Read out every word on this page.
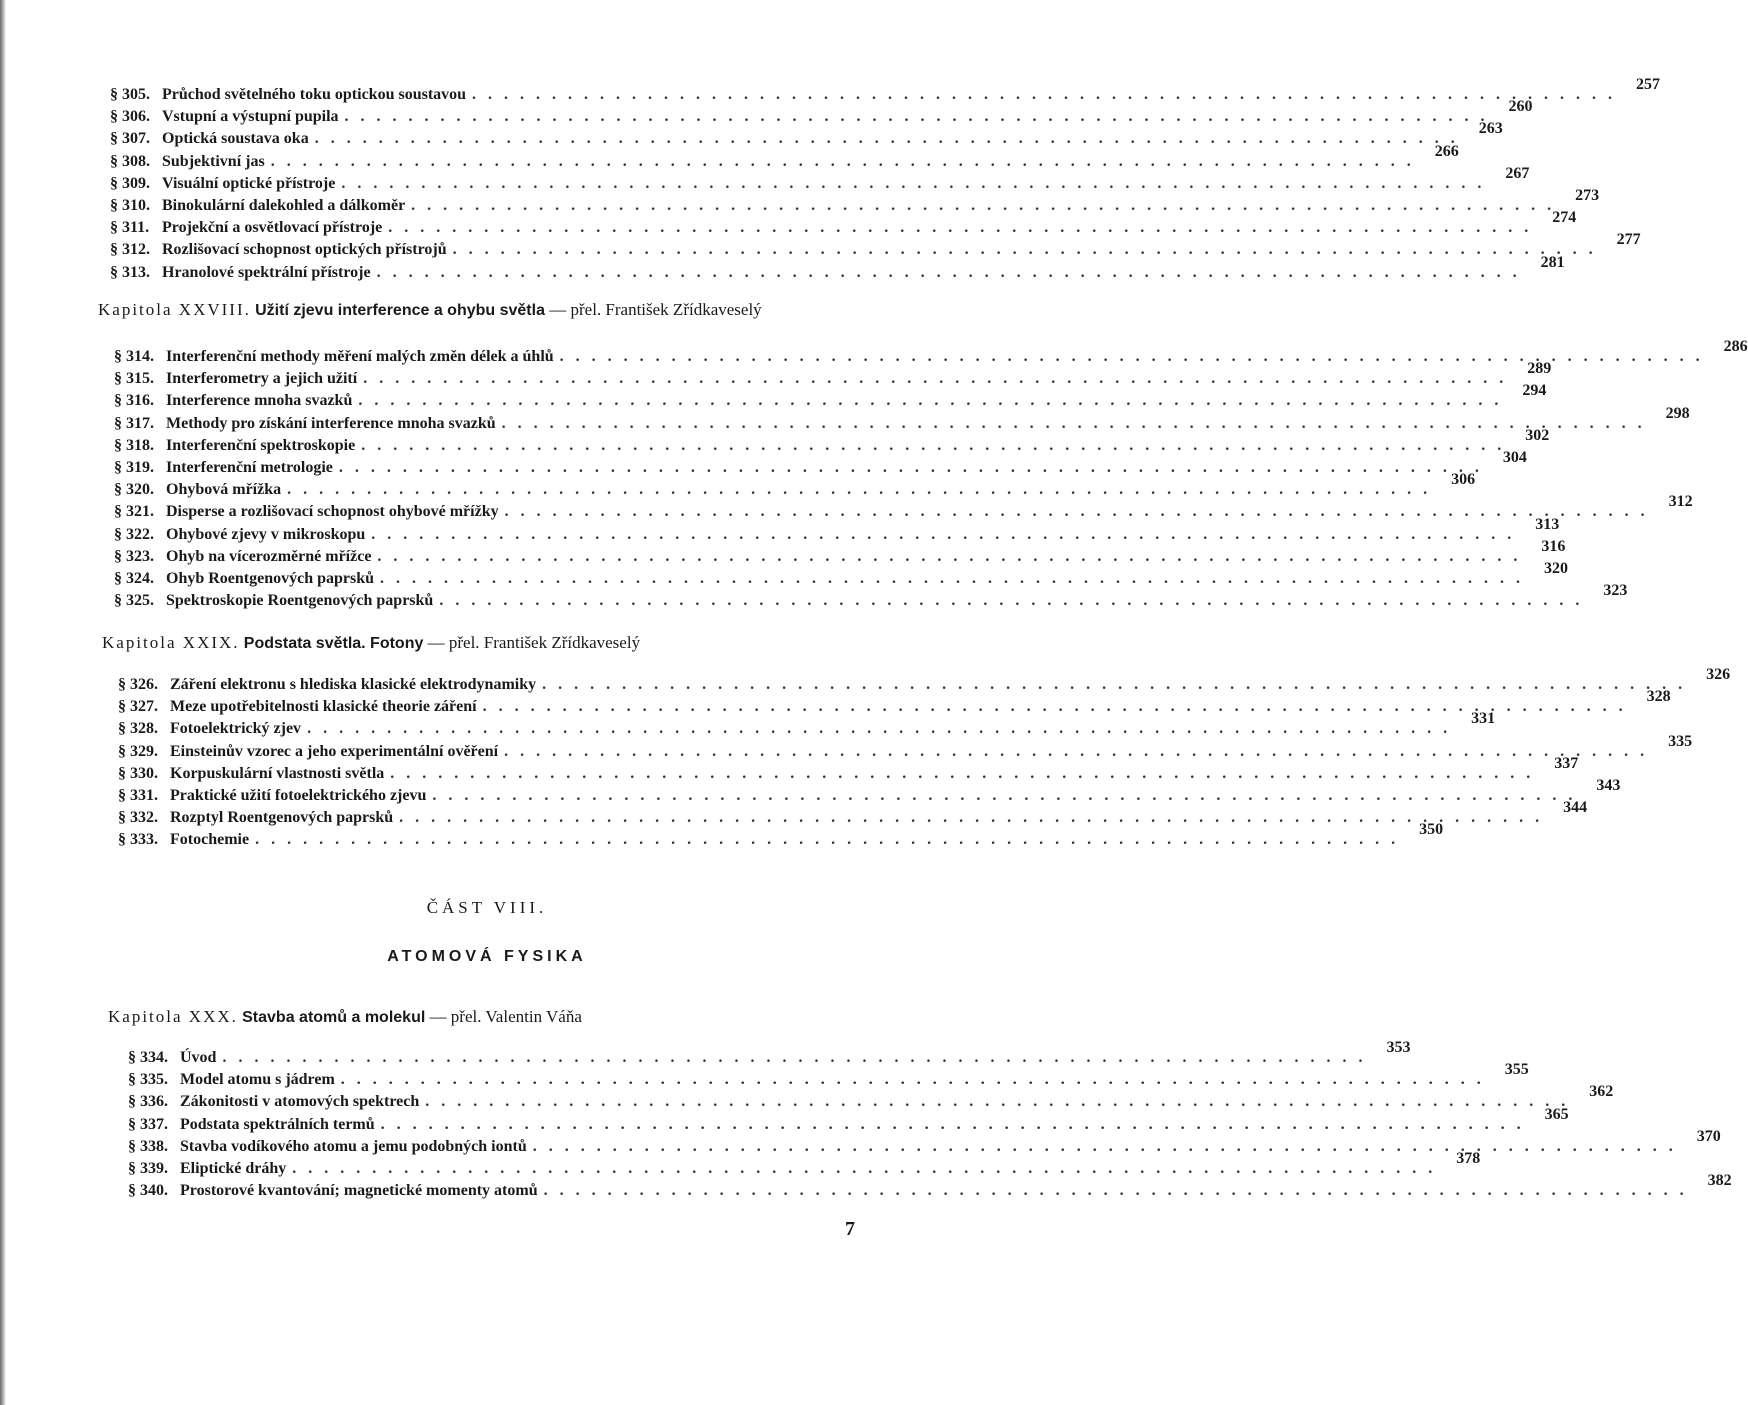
§ 305. Průchod světelného toku optickou soustavou
. . .
257
§ 306. Vstupní a výstupní pupila
. . .
260
§ 307. Optická soustava oka
. . .
263
§ 308. Subjektivní jas
. . .
266
§ 309. Visuální optické přístroje
. . .
267
§ 310. Binokulární dalekohled a dálkoměr
. . .
273
§ 311. Projekční a osvětlovací přístroje
. . .
274
§ 312. Rozlišovací schopnost optických přístrojů
. . .
277
§ 313. Hranolové spektrální přístroje
. . .
281
Kapitola XXVIII. Užití zjevu interference a ohybu světla — přel. František Zřídkaveselý
§ 314. Interferenční methody měření malých změn délek a úhlů
. . .
286
§ 315. Interferometry a jejich užití
. . .
289
§ 316. Interference mnoha svazků
. . .
294
§ 317. Methody pro získání interference mnoha svazků
. . .
298
§ 318. Interferenční spektroskopie
. . .
302
§ 319. Interferenční metrologie
. . .
304
§ 320. Ohybová mřížka
. . .
306
§ 321. Disperse a rozlišovací schopnost ohybové mřížky
. . .
312
§ 322. Ohybové zjevy v mikroskopu
. . .
313
§ 323. Ohyb na vícerozměrné mřížce
. . .
316
§ 324. Ohyb Roentgenových paprsků
. . .
320
§ 325. Spektroskopie Roentgenových paprsků
. . .
323
Kapitola XXIX. Podstata světla. Fotony — přel. František Zřídkaveselý
§ 326. Záření elektronu s hlediska klasické elektrodynamiky
. . .
326
§ 327. Meze upotřebitelnosti klasické theorie záření
. . .
328
§ 328. Fotoelektrický zjev
. . .
331
§ 329. Einsteinův vzorec a jeho experimentální ověření
. . .
335
§ 330. Korpuskulární vlastnosti světla
. . .
337
§ 331. Praktické užití fotoelektrického zjevu
. . .
343
§ 332. Rozptyl Roentgenových paprsků
. . .
344
§ 333. Fotochemie
. . .
350
ČÁST VIII.
ATOMOVÁ FYSIKA
Kapitola XXX. Stavba atomů a molekul — přel. Valentin Váňa
§ 334. Úvod
. . .
353
§ 335. Model atomu s jádrem
. . .
355
§ 336. Zákonitosti v atomových spektrech
. . .
362
§ 337. Podstata spektrálních termů
. . .
365
§ 338. Stavba vodíkového atomu a jemu podobných iontů
. . .
370
§ 339. Eliptické dráhy
. . .
378
§ 340. Prostorové kvantování; magnetické momenty atomů
. . .
382
7
